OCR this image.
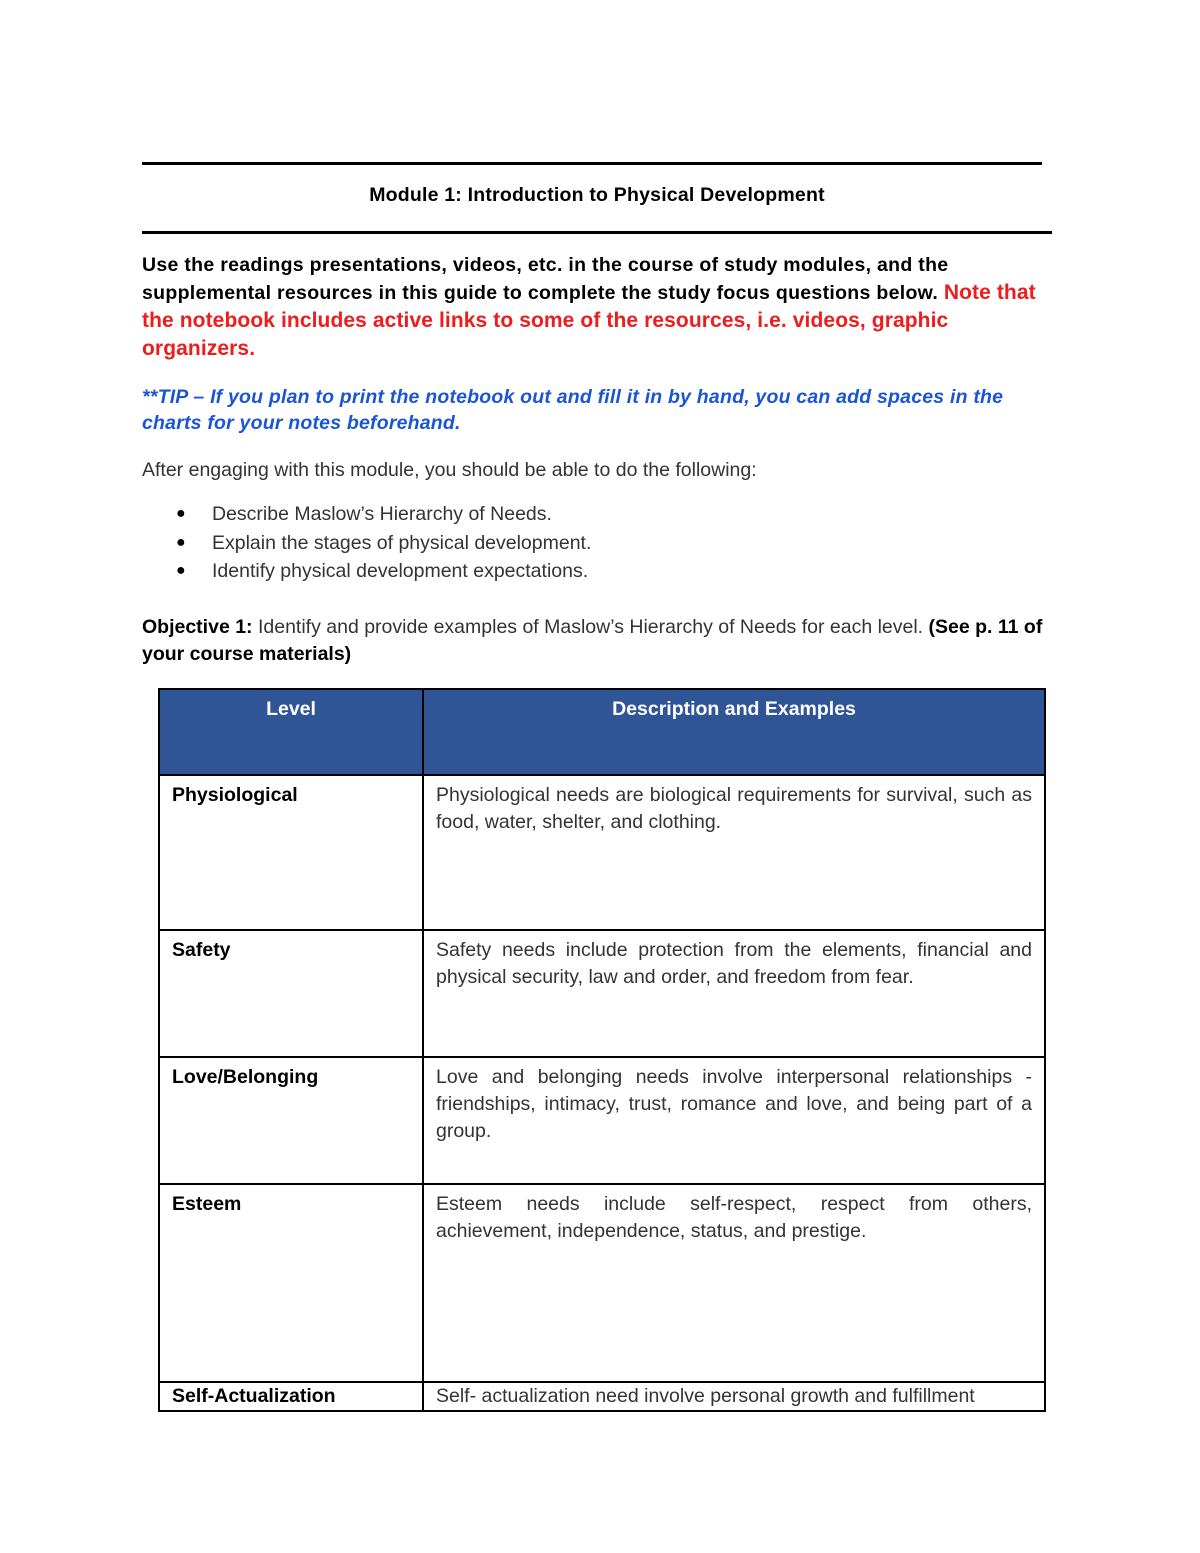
Module 1: Introduction to Physical Development
Use the readings presentations, videos, etc. in the course of study modules, and the supplemental resources in this guide to complete the study focus questions below. Note that the notebook includes active links to some of the resources, i.e. videos, graphic organizers.
**TIP – If you plan to print the notebook out and fill it in by hand, you can add spaces in the charts for your notes beforehand.
After engaging with this module, you should be able to do the following:
● Describe Maslow’s Hierarchy of Needs.
● Explain the stages of physical development.
● Identify physical development expectations.
Objective 1: Identify and provide examples of Maslow’s Hierarchy of Needs for each level. (See p. 11 of your course materials)
Level	Description and Examples
Physiological	Physiological needs are biological requirements for survival, such as food, water, shelter, and clothing.
Safety	Safety needs include protection from the elements, financial and physical security, law and order, and freedom from fear.
Love/Belonging	Love and belonging needs involve interpersonal relationships - friendships, intimacy, trust, romance and love, and being part of a group.
Esteem	Esteem needs include self-respect, respect from others, achievement, independence, status, and prestige.
Self-Actualization	Self- actualization need involve personal growth and fulfillment
